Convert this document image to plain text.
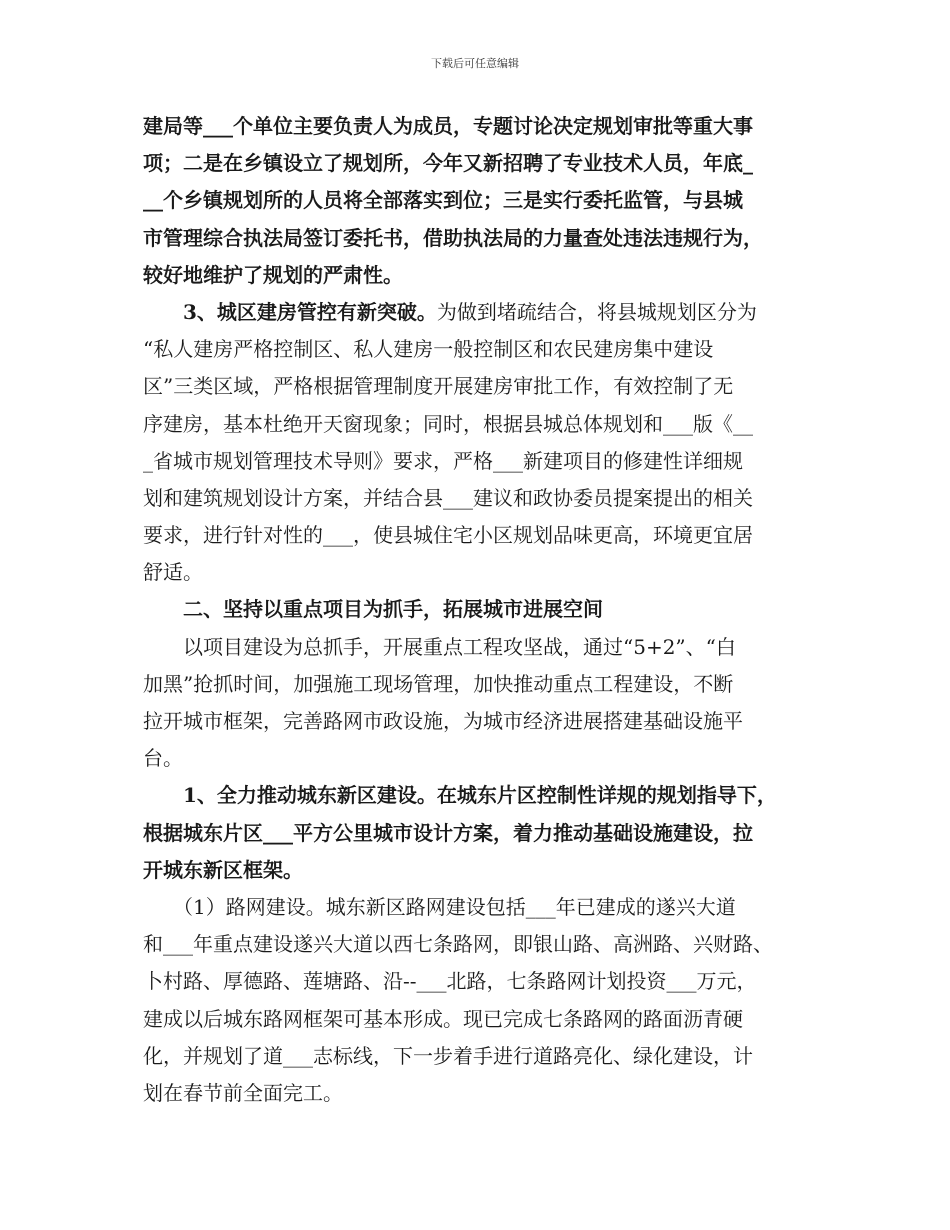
下载后可任意编辑
建局等___个单位主要负责人为成员，专题讨论决定规划审批等重大事
项；二是在乡镇设立了规划所，今年又新招聘了专业技术人员，年底_
__个乡镇规划所的人员将全部落实到位；三是实行委托监管，与县城
市管理综合执法局签订委托书，借助执法局的力量查处违法违规行为，
较好地维护了规划的严肃性。
　　3、城区建房管控有新突破。为做到堵疏结合，将县城规划区分为
“私人建房严格控制区、私人建房一般控制区和农民建房集中建设
区”三类区域，严格根据管理制度开展建房审批工作，有效控制了无
序建房，基本杜绝开天窗现象；同时，根据县城总体规划和___版《__
_省城市规划管理技术导则》要求，严格___新建项目的修建性详细规
划和建筑规划设计方案，并结合县___建议和政协委员提案提出的相关
要求，进行针对性的___，使县城住宅小区规划品味更高，环境更宜居
舒适。
　　二、坚持以重点项目为抓手，拓展城市进展空间
　　以项目建设为总抓手，开展重点工程攻坚战，通过“5+2”、“白
加黑”抢抓时间，加强施工现场管理，加快推动重点工程建设，不断
拉开城市框架，完善路网市政设施，为城市经济进展搭建基础设施平
台。
　　1、全力推动城东新区建设。在城东片区控制性详规的规划指导下，
根据城东片区___平方公里城市设计方案，着力推动基础设施建设，拉
开城东新区框架。
　　（1）路网建设。城东新区路网建设包括___年已建成的遂兴大道
和___年重点建设遂兴大道以西七条路网，即银山路、高洲路、兴财路、
卜村路、厚德路、莲塘路、沿--___北路，七条路网计划投资___万元，
建成以后城东路网框架可基本形成。现已完成七条路网的路面沥青硬
化，并规划了道___志标线，下一步着手进行道路亮化、绿化建设，计
划在春节前全面完工。
